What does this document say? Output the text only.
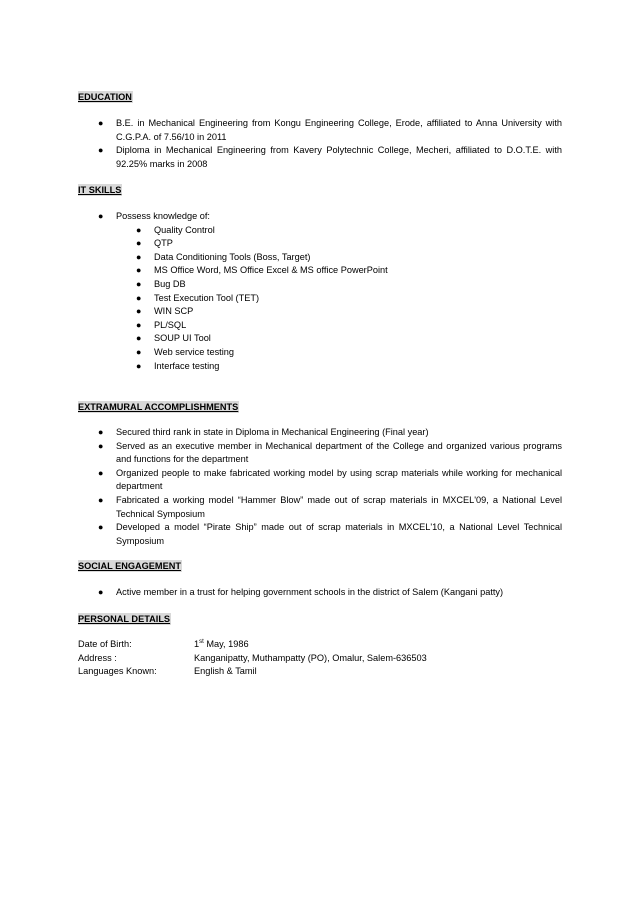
EDUCATION
● B.E. in Mechanical Engineering from Kongu Engineering College, Erode, affiliated to Anna University with C.G.P.A. of 7.56/10 in 2011
● Diploma in Mechanical Engineering from Kavery Polytechnic College, Mecheri, affiliated to D.O.T.E. with 92.25% marks in 2008
IT SKILLS
● Possess knowledge of:
● Quality Control
● QTP
● Data Conditioning Tools (Boss, Target)
● MS Office Word, MS Office Excel & MS office PowerPoint
● Bug DB
● Test Execution Tool (TET)
● WIN SCP
● PL/SQL
● SOUP UI Tool
● Web service testing
● Interface testing
EXTRAMURAL ACCOMPLISHMENTS
● Secured third rank in state in Diploma in Mechanical Engineering (Final year)
● Served as an executive member in Mechanical department of the College and organized various programs and functions for the department
● Organized people to make fabricated working model by using scrap materials while working for mechanical department
● Fabricated a working model “Hammer Blow” made out of scrap materials in MXCEL'09, a National Level Technical Symposium
● Developed a model “Pirate Ship” made out of scrap materials in MXCEL'10, a National Level Technical Symposium
SOCIAL ENGAGEMENT
● Active member in a trust for helping government schools in the district of Salem (Kangani patty)
PERSONAL DETAILS
Date of Birth:	1st May, 1986
Address :	Kanganipatty, Muthampatty (PO), Omalur, Salem-636503
Languages Known:	English & Tamil
